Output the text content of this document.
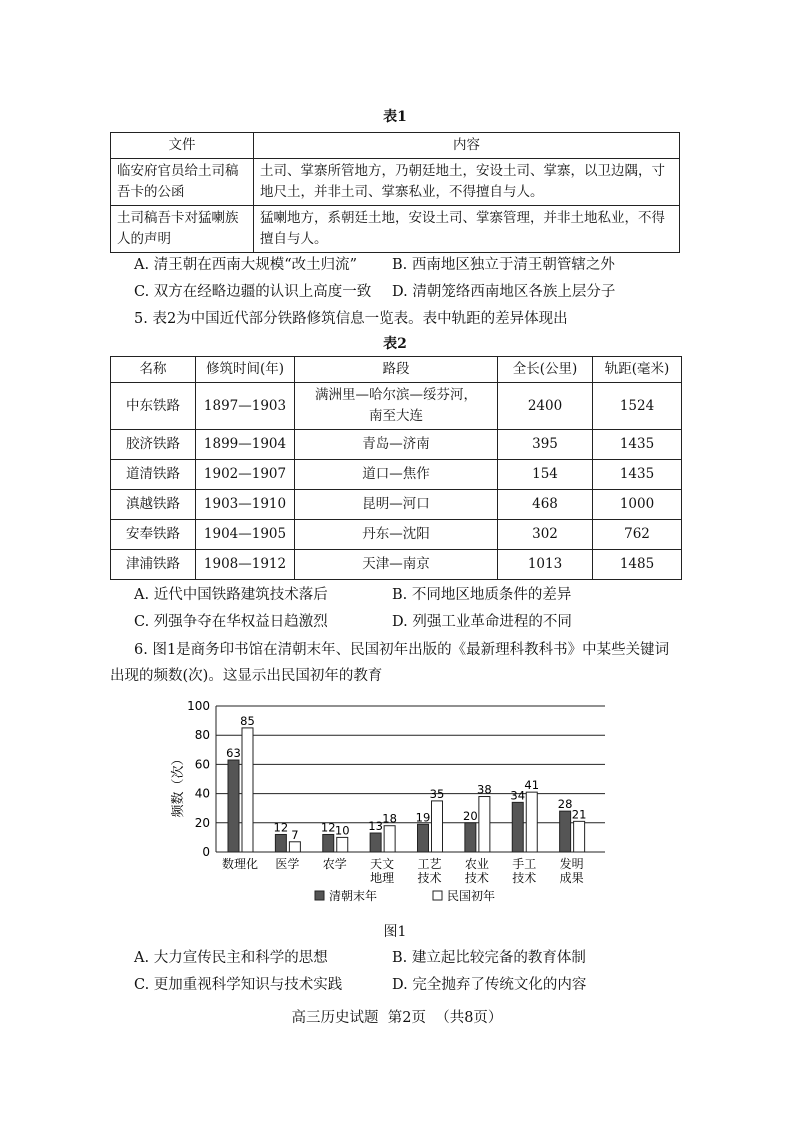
表1
文件	内容
临安府官员给土司稿吾卡的公函	土司、掌寨所管地方，乃朝廷地土，安设土司、掌寨，以卫边隅，寸地尺土，并非土司、掌寨私业，不得擅自与人。
土司稿吾卡对猛喇族人的声明	猛喇地方，系朝廷土地，安设土司、掌寨管理，并非土地私业，不得擅自与人。
A. 清王朝在西南大规模“改土归流” B. 西南地区独立于清王朝管辖之外
C. 双方在经略边疆的认识上高度一致 D. 清朝笼络西南地区各族上层分子
5. 表2为中国近代部分铁路修筑信息一览表。表中轨距的差异体现出
表2
名称	修筑时间(年)	路段	全长(公里)	轨距(毫米)
中东铁路	1897—1903	满洲里—哈尔滨—绥芬河，南至大连	2400	1524
胶济铁路	1899—1904	青岛—济南	395	1435
道清铁路	1902—1907	道口—焦作	154	1435
滇越铁路	1903—1910	昆明—河口	468	1000
安奉铁路	1904—1905	丹东—沈阳	302	762
津浦铁路	1908—1912	天津—南京	1013	1485
A. 近代中国铁路建筑技术落后	B. 不同地区地质条件的差异
C. 列强争夺在华权益日趋激烈	D. 列强工业革命进程的不同
6. 图1是商务印书馆在清朝末年、民国初年出版的《最新理科教科书》中某些关键词
出现的频数(次)。这显示出民国初年的教育
0
20
40
60
80
100
频数（次）	63
85
数理化
12
7
医学
12 10
农学
13
18
天文
地理
19
35
工艺
技术
20
38
农业
技术
34
41
手工
技术
28
21
发明
成果
清朝末年	民国初年
图1
A. 大力宣传民主和科学的思想	B. 建立起比较完备的教育体制
C. 更加重视科学知识与技术实践	D. 完全抛弃了传统文化的内容
高三历史试题  第2页  （共8页）
